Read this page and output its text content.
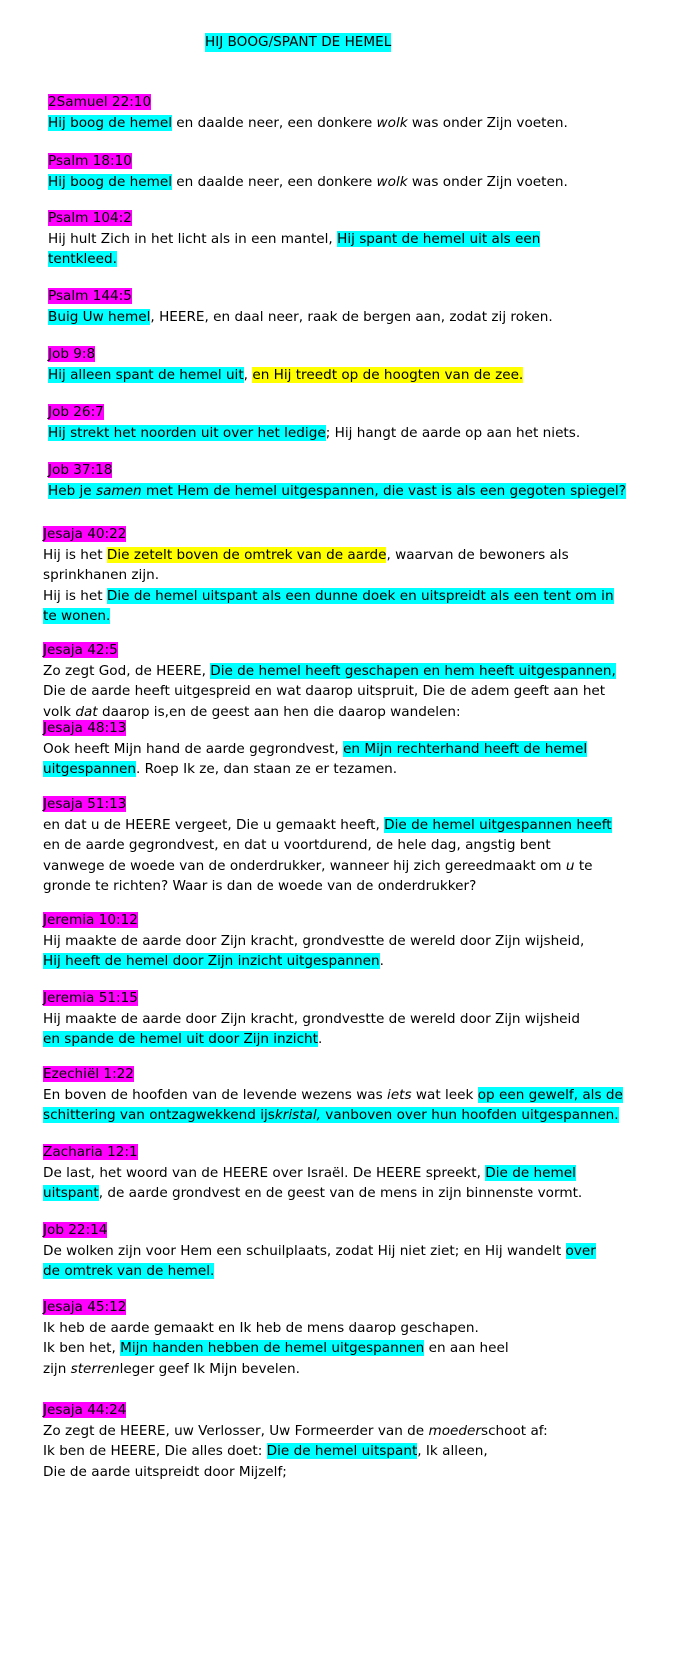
HIJ BOOG/SPANT DE HEMEL
2Samuel 22:10
Hij boog de hemel en daalde neer, een donkere wolk was onder Zijn voeten.
Psalm 18:10
Hij boog de hemel en daalde neer, een donkere wolk was onder Zijn voeten.
Psalm 104:2
Hij hult Zich in het licht als in een mantel, Hij spant de hemel uit als een
tentkleed.
Psalm 144:5
Buig Uw hemel, HEERE, en daal neer, raak de bergen aan, zodat zij roken.
Job 9:8
Hij alleen spant de hemel uit, en Hij treedt op de hoogten van de zee.
Job 26:7
Hij strekt het noorden uit over het ledige; Hij hangt de aarde op aan het niets.
Job 37:18
Heb je samen met Hem de hemel uitgespannen, die vast is als een gegoten spiegel?
Jesaja 40:22
Hij is het Die zetelt boven de omtrek van de aarde, waarvan de bewoners als
sprinkhanen zijn.
Hij is het Die de hemel uitspant als een dunne doek en uitspreidt als een tent om in
te wonen.
Jesaja 42:5
Zo zegt God, de HEERE, Die de hemel heeft geschapen en hem heeft uitgespannen,
Die de aarde heeft uitgespreid en wat daarop uitspruit, Die de adem geeft aan het
volk dat daarop is,en de geest aan hen die daarop wandelen:
Jesaja 48:13
Ook heeft Mijn hand de aarde gegrondvest, en Mijn rechterhand heeft de hemel
uitgespannen. Roep Ik ze, dan staan ze er tezamen.
Jesaja 51:13
en dat u de HEERE vergeet, Die u gemaakt heeft, Die de hemel uitgespannen heeft
en de aarde gegrondvest, en dat u voortdurend, de hele dag, angstig bent
vanwege de woede van de onderdrukker, wanneer hij zich gereedmaakt om u te
gronde te richten? Waar is dan de woede van de onderdrukker?
Jeremia 10:12
Hij maakte de aarde door Zijn kracht, grondvestte de wereld door Zijn wijsheid,
Hij heeft de hemel door Zijn inzicht uitgespannen.
Jeremia 51:15
Hij maakte de aarde door Zijn kracht, grondvestte de wereld door Zijn wijsheid
en spande de hemel uit door Zijn inzicht.
Ezechiël 1:22
En boven de hoofden van de levende wezens was iets wat leek op een gewelf, als de
schittering van ontzagwekkend ijskristal, vanboven over hun hoofden uitgespannen.
Zacharia 12:1
De last, het woord van de HEERE over Israël. De HEERE spreekt, Die de hemel
uitspant, de aarde grondvest en de geest van de mens in zijn binnenste vormt.
Job 22:14
De wolken zijn voor Hem een schuilplaats, zodat Hij niet ziet; en Hij wandelt over
de omtrek van de hemel.
Jesaja 45:12
Ik heb de aarde gemaakt en Ik heb de mens daarop geschapen.
Ik ben het, Mijn handen hebben de hemel uitgespannen en aan heel
zijn sterrenleger geef Ik Mijn bevelen.
Jesaja 44:24
Zo zegt de HEERE, uw Verlosser, Uw Formeerder van de moederschoot af:
Ik ben de HEERE, Die alles doet: Die de hemel uitspant, Ik alleen,
Die de aarde uitspreidt door Mijzelf;
